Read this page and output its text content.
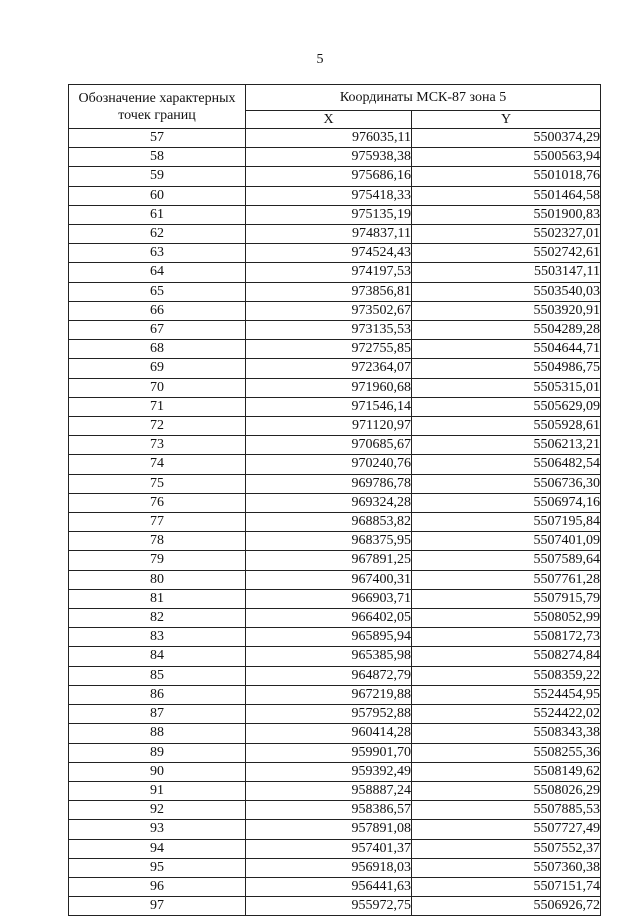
5
Обозначение характерных точек границ	Координаты МСК-87 зона 5	
	X	Y
57	976035,11	5500374,29
58	975938,38	5500563,94
59	975686,16	5501018,76
60	975418,33	5501464,58
61	975135,19	5501900,83
62	974837,11	5502327,01
63	974524,43	5502742,61
64	974197,53	5503147,11
65	973856,81	5503540,03
66	973502,67	5503920,91
67	973135,53	5504289,28
68	972755,85	5504644,71
69	972364,07	5504986,75
70	971960,68	5505315,01
71	971546,14	5505629,09
72	971120,97	5505928,61
73	970685,67	5506213,21
74	970240,76	5506482,54
75	969786,78	5506736,30
76	969324,28	5506974,16
77	968853,82	5507195,84
78	968375,95	5507401,09
79	967891,25	5507589,64
80	967400,31	5507761,28
81	966903,71	5507915,79
82	966402,05	5508052,99
83	965895,94	5508172,73
84	965385,98	5508274,84
85	964872,79	5508359,22
86	967219,88	5524454,95
87	957952,88	5524422,02
88	960414,28	5508343,38
89	959901,70	5508255,36
90	959392,49	5508149,62
91	958887,24	5508026,29
92	958386,57	5507885,53
93	957891,08	5507727,49
94	957401,37	5507552,37
95	956918,03	5507360,38
96	956441,63	5507151,74
97	955972,75	5506926,72
